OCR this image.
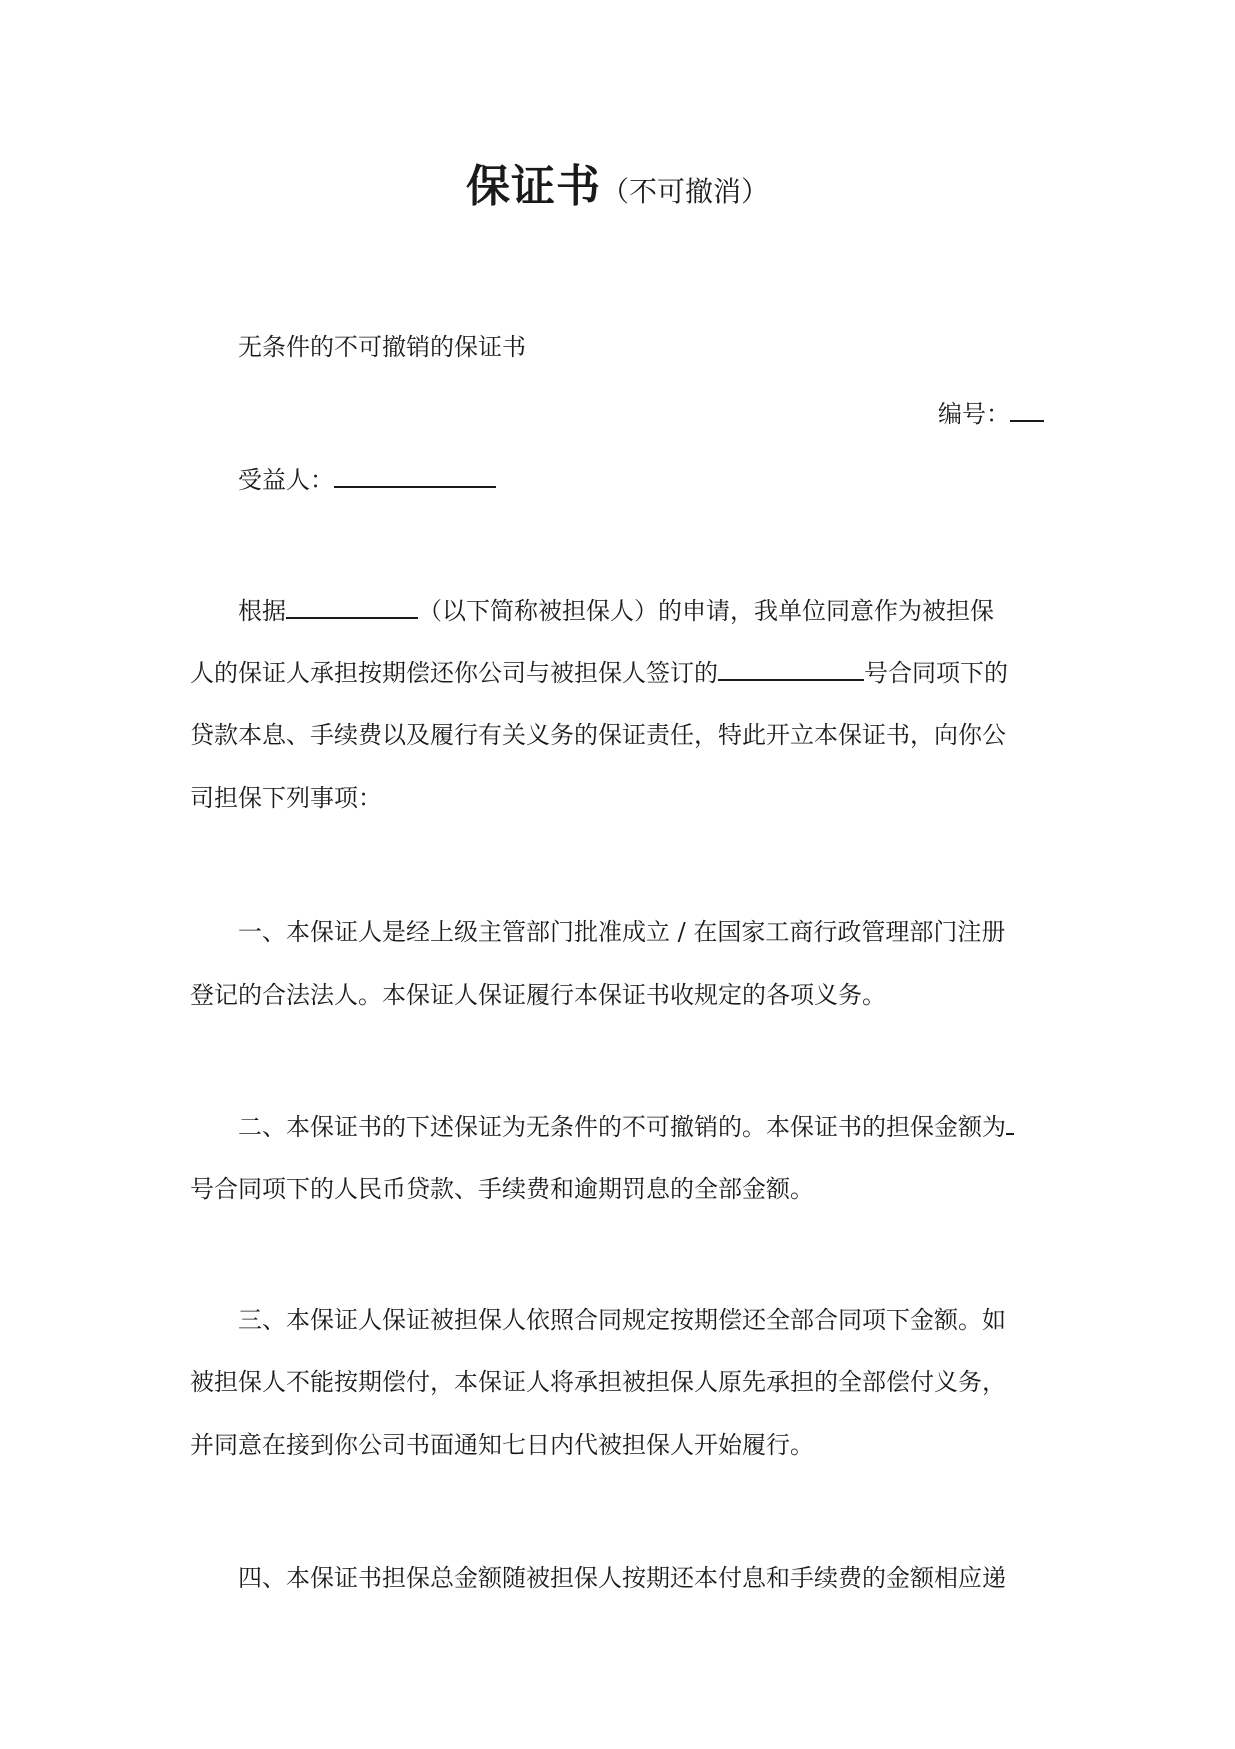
保证书（不可撤消）
无条件的不可撤销的保证书
编号：
受益人：
根据	（以下简称被担保人）的申请，我单位同意作为被担保
人的保证人承担按期偿还你公司与被担保人签订的	号合同项下的
贷款本息、手续费以及履行有关义务的保证责任，特此开立本保证书，向你公
司担保下列事项：
一、本保证人是经上级主管部门批准成立 / 在国家工商行政管理部门注册
登记的合法法人。本保证人保证履行本保证书收规定的各项义务。
二、本保证书的下述保证为无条件的不可撤销的。本保证书的担保金额为
号合同项下的人民币贷款、手续费和逾期罚息的全部金额。
三、本保证人保证被担保人依照合同规定按期偿还全部合同项下金额。如
被担保人不能按期偿付，本保证人将承担被担保人原先承担的全部偿付义务，
并同意在接到你公司书面通知七日内代被担保人开始履行。
四、本保证书担保总金额随被担保人按期还本付息和手续费的金额相应递
